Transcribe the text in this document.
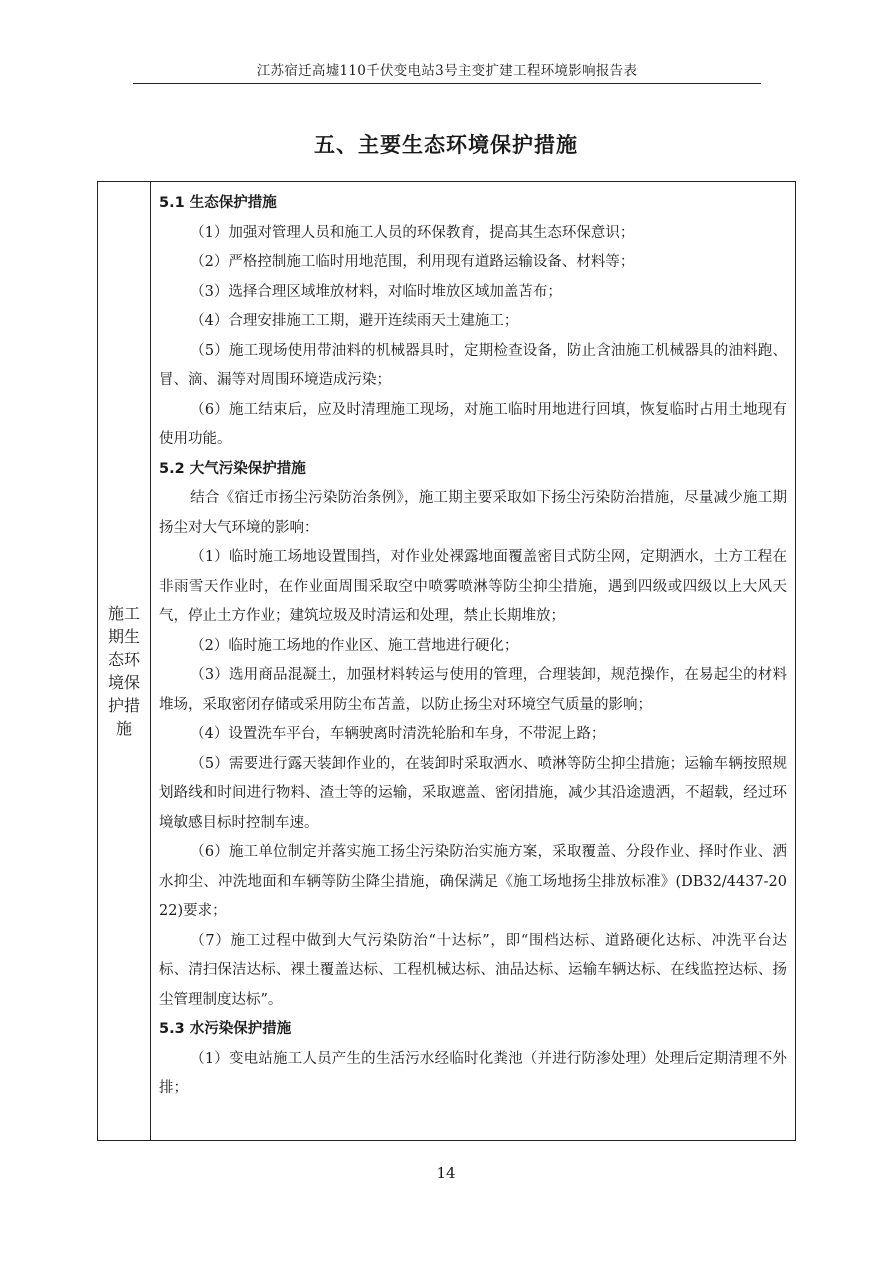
江苏宿迁高墟110千伏变电站3号主变扩建工程环境影响报告表
五、主要生态环境保护措施
施工期生态环境保护措施
5.1 生态保护措施

（1）加强对管理人员和施工人员的环保教育，提高其生态环保意识；

（2）严格控制施工临时用地范围，利用现有道路运输设备、材料等；

（3）选择合理区域堆放材料，对临时堆放区域加盖苫布；

（4）合理安排施工工期，避开连续雨天土建施工；

（5）施工现场使用带油料的机械器具时，定期检查设备，防止含油施工机械器具的油料跑、冒、滴、漏等对周围环境造成污染；

（6）施工结束后，应及时清理施工现场，对施工临时用地进行回填，恢复临时占用土地现有使用功能。

5.2 大气污染保护措施

结合《宿迁市扬尘污染防治条例》，施工期主要采取如下扬尘污染防治措施，尽量减少施工期扬尘对大气环境的影响：

（1）临时施工场地设置围挡，对作业处裸露地面覆盖密目式防尘网，定期洒水，土方工程在非雨雪天作业时，在作业面周围采取空中喷雾喷淋等防尘抑尘措施，遇到四级或四级以上大风天气，停止土方作业；建筑垃圾及时清运和处理，禁止长期堆放；

（2）临时施工场地的作业区、施工营地进行硬化；

（3）选用商品混凝土，加强材料转运与使用的管理，合理装卸，规范操作，在易起尘的材料堆场，采取密闭存储或采用防尘布苫盖，以防止扬尘对环境空气质量的影响；

（4）设置洗车平台，车辆驶离时清洗轮胎和车身，不带泥上路；

（5）需要进行露天装卸作业的，在装卸时采取洒水、喷淋等防尘抑尘措施；运输车辆按照规划路线和时间进行物料、渣士等的运输，采取遮盖、密闭措施，减少其沿途遗洒，不超载，经过环境敏感目标时控制车速。

（6）施工单位制定并落实施工扬尘污染防治实施方案，采取覆盖、分段作业、择时作业、洒水抑尘、冲洗地面和车辆等防尘降尘措施，确保满足《施工场地扬尘排放标准》(DB32/4437-2022)要求；

（7）施工过程中做到大气污染防治“十达标”，即“围档达标、道路硬化达标、冲洗平台达标、清扫保洁达标、裸土覆盖达标、工程机械达标、油品达标、运输车辆达标、在线监控达标、扬尘管理制度达标”。

5.3 水污染保护措施

（1）变电站施工人员产生的生活污水经临时化粪池（并进行防渗处理）处理后定期清理不外排；

14
